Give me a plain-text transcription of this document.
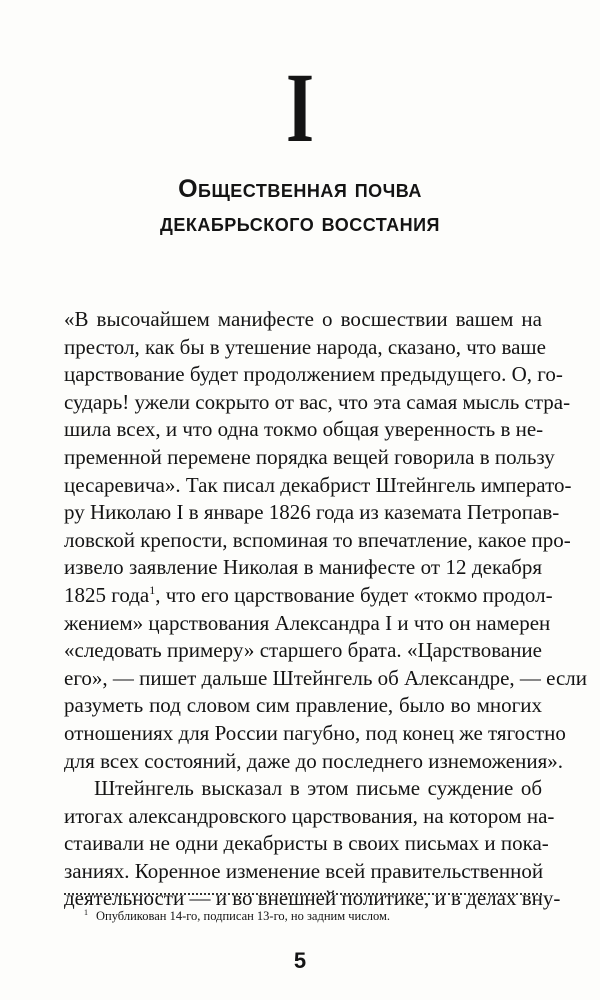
I
Общественная почва
декабрьского восстания
«В высочайшем манифесте о восшествии вашем на
престол, как бы в утешение народа, сказано, что ваше
царствование будет продолжением предыдущего. О, го-
сударь! ужели сокрыто от вас, что эта самая мысль стра-
шила всех, и что одна токмо общая уверенность в не-
пременной перемене порядка вещей говорила в пользу
цесаревича». Так писал декабрист Штейнгель императо-
ру Николаю I в январе 1826 года из каземата Петропав-
ловской крепости, вспоминая то впечатление, какое про-
извело заявление Николая в манифесте от 12 декабря
1825 года$^1$, что его царствование будет «токмо продол-
жением» царствования Александра I и что он намерен
«следовать примеру» старшего брата. «Царствование
его», — пишет дальше Штейнгель об Александре, — если
разуметь под словом сим правление, было во многих
отношениях для России пагубно, под конец же тягостно
для всех состояний, даже до последнего изнеможения».
Штейнгель высказал в этом письме суждение об
итогах александровского царствования, на котором на-
стаивали не одни декабристы в своих письмах и пока-
заниях. Коренное изменение всей правительственной
деятельности — и во внешней политике, и в делах вну-
$^1$ Опубликован 14-го, подписан 13-го, но задним числом.
5
